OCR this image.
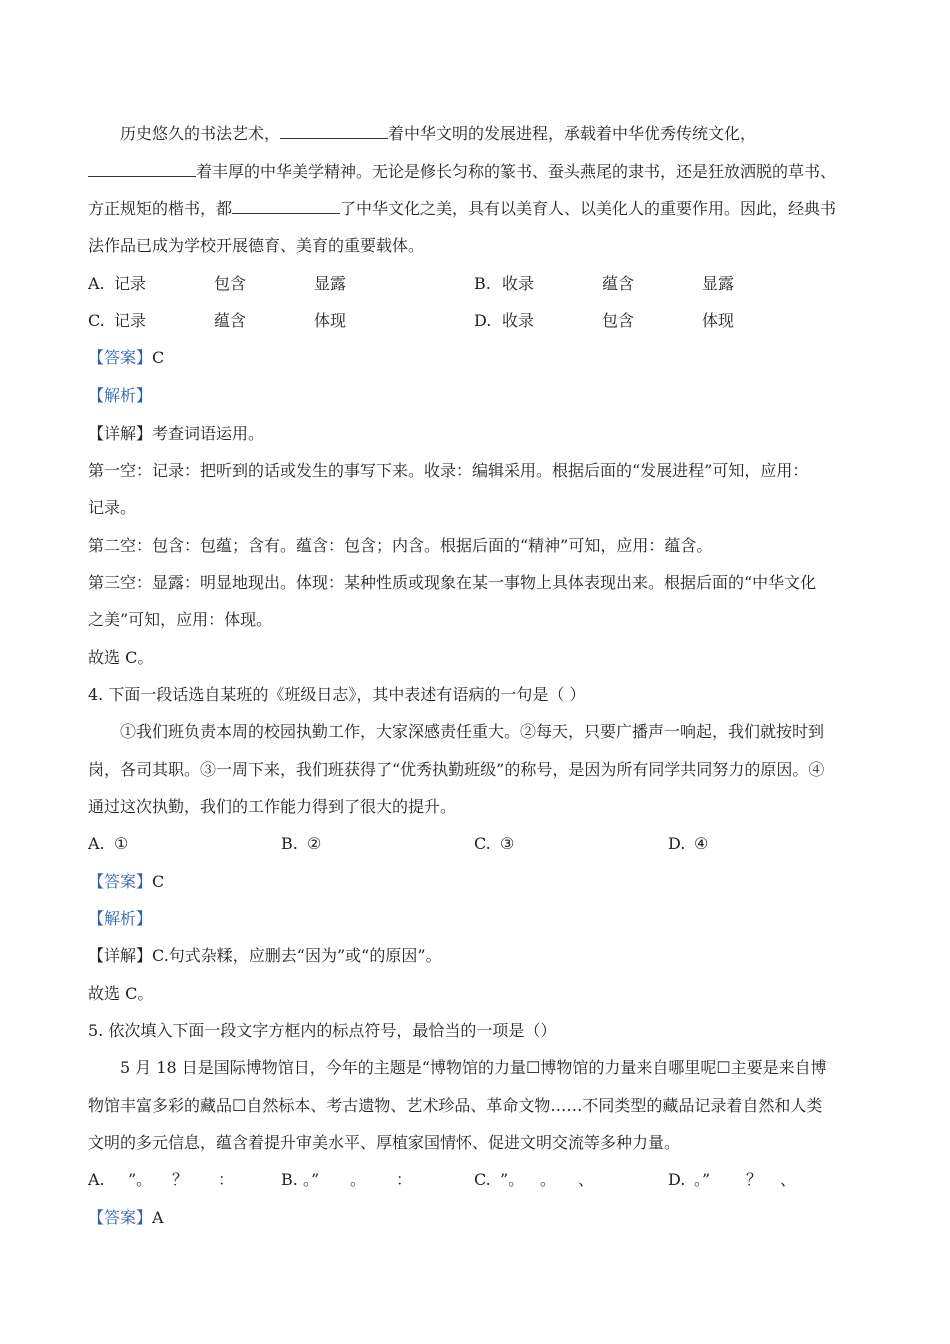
历史悠久的书法艺术，	着中华文明的发展进程，承载着中华优秀传统文化，
着丰厚的中华美学精神。无论是修长匀称的篆书、蚕头燕尾的隶书，还是狂放洒脱的草书、
方正规矩的楷书，都	了中华文化之美，具有以美育人、以美化人的重要作用。因此，经典书
法作品已成为学校开展德育、美育的重要载体。
A. 记录	包含	显露	B. 收录	蕴含	显露
C. 记录	蕴含	体现	D. 收录	包含	体现
【答案】C
【解析】
【详解】考查词语运用。
第一空：记录：把听到的话或发生的事写下来。收录：编辑采用。根据后面的“发展进程”可知，应用：
记录。
第二空：包含：包蕴；含有。蕴含：包含；内含。根据后面的“精神”可知，应用：蕴含。
第三空：显露：明显地现出。体现：某种性质或现象在某一事物上具体表现出来。根据后面的“中华文化
之美”可知，应用：体现。
故选 C。
4. 下面一段话选自某班的《班级日志》，其中表述有语病的一句是（ ）
①我们班负责本周的校园执勤工作，大家深感责任重大。②每天，只要广播声一响起，我们就按时到
岗，各司其职。③一周下来，我们班获得了“优秀执勤班级”的称号，是因为所有同学共同努力的原因。④
通过这次执勤，我们的工作能力得到了很大的提升。
A. ①	B. ②	C. ③	D. ④
【答案】C
【解析】
【详解】C.句式杂糅，应删去“因为”或“的原因”。
故选 C。
5. 依次填入下面一段文字方框内的标点符号，最恰当的一项是（）
5 月 18 日是国际博物馆日，今年的主题是“博物馆的力量☐博物馆的力量来自哪里呢☐主要是来自博
物馆丰富多彩的藏品☐自然标本、考古遗物、艺术珍品、革命文物……不同类型的藏品记录着自然和人类
文明的多元信息，蕴含着提升审美水平、厚植家国情怀、促进文明交流等多种力量。
A. ”。 ？ ：	B. 。” 。 ：	C. ”。 。 、	D. 。” ？ 、
【答案】A
